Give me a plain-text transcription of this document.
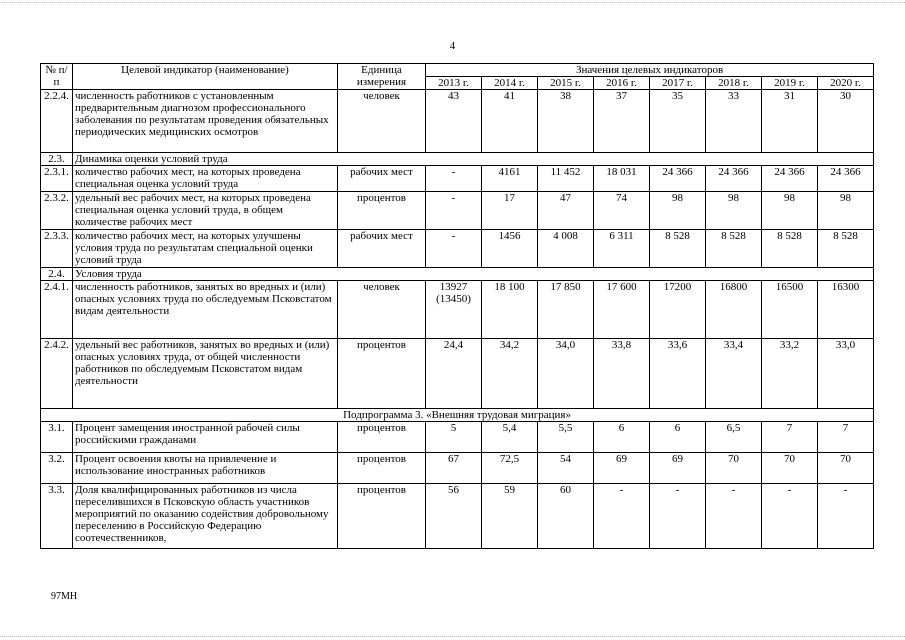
4
№ п/п	Целевой индикатор (наименование)	Единица измерения	Значения целевых индикаторов							
			2013 г.	2014 г.	2015 г.	2016 г.	2017 г.	2018 г.	2019 г.	2020 г.
2.2.4.	численность работников с установленным предварительным диагнозом профессионального заболевания по результатам проведения обязательных периодических медицинских осмотров	человек	43	41	38	37	35	33	31	30
2.3.	Динамика оценки условий труда									
2.3.1.	количество рабочих мест, на которых проведена специальная оценка условий труда	рабочих мест	-	4161	11 452	18 031	24 366	24 366	24 366	24 366
2.3.2.	удельный вес рабочих мест, на которых проведена специальная оценка условий труда, в общем количестве рабочих мест	процентов	-	17	47	74	98	98	98	98
2.3.3.	количество рабочих мест, на которых улучшены условия труда по результатам специальной оценки условий труда	рабочих мест	-	1456	4 008	6 311	8 528	8 528	8 528	8 528
2.4.	Условия труда									
2.4.1.	численность работников, занятых во вредных и (или) опасных условиях труда по обследуемым Псковстатом видам деятельности	человек	13927 (13450)	18 100	17 850	17 600	17200	16800	16500	16300
2.4.2.	удельный вес работников, занятых во вредных и (или) опасных условиях труда, от общей численности работников по обследуемым Псковстатом видам деятельности	процентов	24,4	34,2	34,0	33,8	33,6	33,4	33,2	33,0
Подпрограмма 3. «Внешняя трудовая миграция»										
3.1.	Процент замещения иностранной рабочей силы российскими гражданами	процентов	5	5,4	5,5	6	6	6,5	7	7
3.2.	Процент освоения квоты на привлечение и использование иностранных работников	процентов	67	72,5	54	69	69	70	70	70
3.3.	Доля квалифицированных работников из числа переселившихся в Псковскую область участников мероприятий по оказанию содействия добровольному переселению в Российскую Федерацию соотечественников,	процентов	56	59	60	-	-	-	-	-
97МН
